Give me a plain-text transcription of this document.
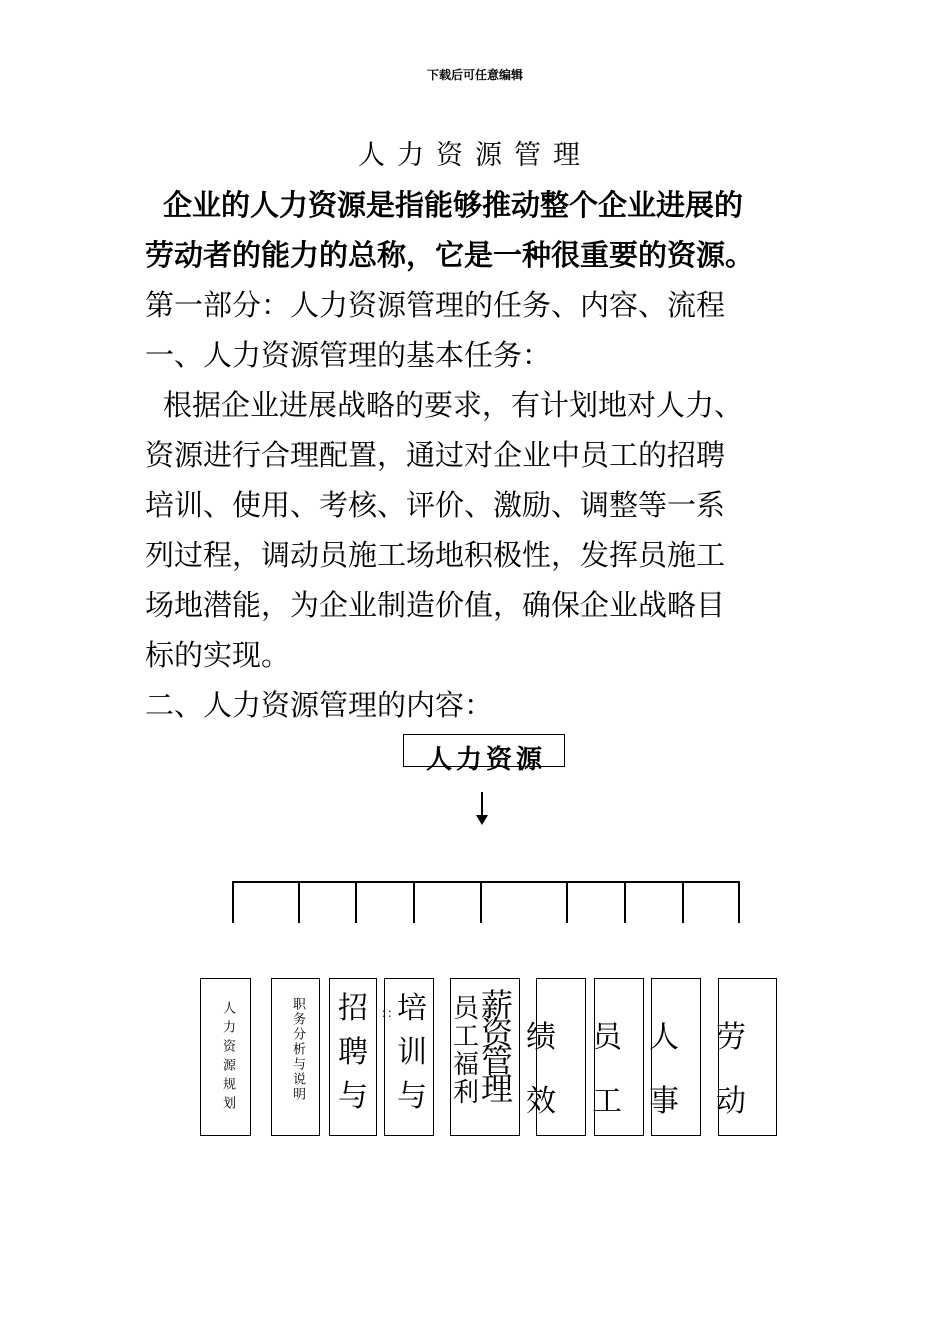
下载后可任意编辑
人力资源管理
企业的人力资源是指能够推动整个企业进展的
劳动者的能力的总称，它是一种很重要的资源。
第一部分：人力资源管理的任务、内容、流程
一、人力资源管理的基本任务：
根据企业进展战略的要求，有计划地对人力、
资源进行合理配置，通过对企业中员工的招聘
培训、使用、考核、评价、激励、调整等一系
列过程，调动员施工场地积极性，发挥员施工
场地潜能，为企业制造价值，确保企业战略目
标的实现。
二、人力资源管理的内容：
人力资源
人力资源规划	职务分析与说明 招聘与
：：
培训与
员工福利
薪资管理
绩
效
员
工
人
事
劳
动
